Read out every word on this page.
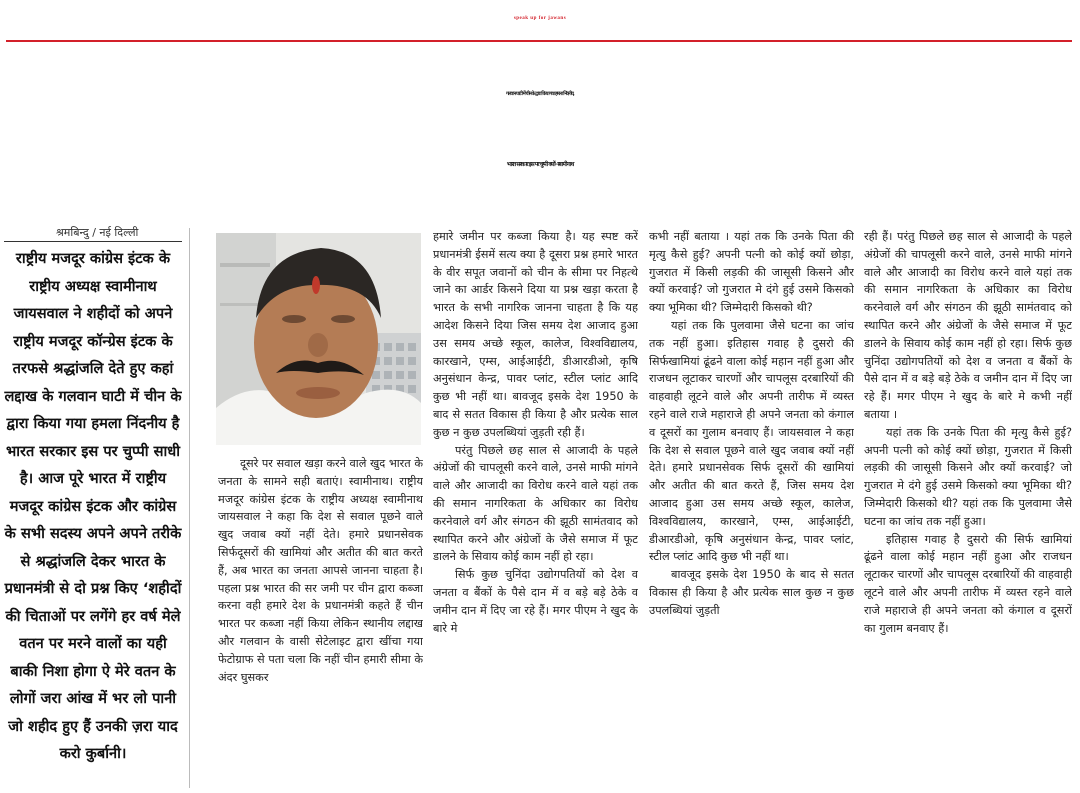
speak up for jawans
गलवान घाटी में चीन के द्वारा किया गया हमला निंदनीय,
भारत सरकार इस पर चुप्पी क्यों- स्वामीनाथ
श्रमबिन्दु / नई दिल्ली

राष्ट्रीय मजदूर कांग्रेस इंटक के राष्ट्रीय अध्यक्ष स्वामीनाथ जायसवाल ने शहीदों को अपने राष्ट्रीय मजदूर कॉन्ग्रेस इंटक के तरफसे श्रद्धांजलि देते हुए कहां लद्दाख के गलवान घाटी में चीन के द्वारा किया गया हमला निंदनीय है भारत सरकार इस पर चुप्पी साधी है। आज पूरे भारत में राष्ट्रीय मजदूर कांग्रेस इंटक और कांग्रेस के सभी सदस्य अपने अपने तरीके से श्रद्धांजलि देकर भारत के प्रधानमंत्री से दो प्रश्न किए ‘शहीदों की चिताओं पर लगेंगे हर वर्ष मेले वतन पर मरने वालों का यही बाकी निशा होगा ऐ मेरे वतन के लोगों जरा आंख में भर लो पानी जो शहीद हुए हैं उनकी ज़रा याद करो कुर्बानी।

दूसरे पर सवाल खड़ा करने वाले खुद भारत के जनता के सामने सही बताएं। स्वामीनाथ। राष्ट्रीय मजदूर कांग्रेस इंटक के राष्ट्रीय अध्यक्ष स्वामीनाथ जायसवाल ने कहा कि देश से सवाल पूछने वाले खुद जवाब क्यों नहीं देते। हमारे प्रधानसेवक सिर्फदूसरों की खामियां और अतीत की बात करते हैं, अब भारत का जनता आपसे जानना चाहता है। पहला प्रश्न भारत की सर जमी पर चीन द्वारा कब्जा करना वही हमारे देश के प्रधानमंत्री कहते हैं चीन भारत पर कब्जा नहीं किया लेकिन स्थानीय लद्दाख और गलवान के वासी सेटेलाइट द्वारा खींचा गया फेटोग्राफ से पता चला कि नहीं चीन हमारी सीमा के अंदर घुसकर

हमारे जमीन पर कब्जा किया है। यह स्पष्ट करें प्रधानमंत्री ईसमें सत्य क्या है दूसरा प्रश्न हमारे भारत के वीर सपूत जवानों को चीन के सीमा पर निहत्थे जाने का आर्डर किसने दिया या प्रश्न खड़ा करता है भारत के सभी नागरिक जानना चाहता है कि यह आदेश किसने दिया जिस समय देश आजाद हुआ उस समय अच्छे स्कूल, कालेज, विश्वविद्यालय, कारखाने, एम्स, आईआईटी, डीआरडीओ, कृषि अनुसंधान केन्द्र, पावर प्लांट, स्टील प्लांट आदि कुछ भी नहीं था। बावजूद इसके देश 1950 के बाद से सतत विकास ही किया है और प्रत्येक साल कुछ न कुछ उपलब्धियां जुड़ती रही हैं।

परंतु पिछले छह साल से आजादी के पहले अंग्रेजों की चापलूसी करने वाले, उनसे माफी मांगने वाले और आजादी का विरोध करने वाले यहां तक की समान नागरिकता के अधिकार का विरोध करनेवाले वर्ग और संगठन की झूठी सामंतवाद को स्थापित करने और अंग्रेजों के जैसे समाज में फूट डालने के सिवाय कोई काम नहीं हो रहा।

सिर्फ कुछ चुनिंदा उद्योगपतियों को देश व जनता व बैंकों के पैसे दान में व बड़े बड़े ठेके व जमीन दान में दिए जा रहे हैं। मगर पीएम ने खुद के बारे मे

कभी नहीं बताया । यहां तक कि उनके पिता की मृत्यु कैसे हुई? अपनी पत्नी को कोई क्यों छोड़ा, गुजरात में किसी लड़की की जासूसी किसने और क्यों करवाई? जो गुजरात मे दंगे हुई उसमे किसको क्या भूमिका थी? जिम्मेदारी किसको थी?

यहां तक कि पुलवामा जैसे घटना का जांच तक नहीं हुआ। इतिहास गवाह है दुसरो की सिर्फखामियां ढूंढने वाला कोई महान नहीं हुआ और राजधन लूटाकर चारणों और चापलूस दरबारियों की वाहवाही लूटने वाले और अपनी तारीफ में व्यस्त रहने वाले राजे महाराजे ही अपने जनता को कंगाल व दूसरों का गुलाम बनवाए हैं। जायसवाल ने कहा कि देश से सवाल पूछने वाले खुद जवाब क्यों नहीं देते। हमारे प्रधानसेवक सिर्फ दूसरों की खामियां और अतीत की बात करते हैं, जिस समय देश आजाद हुआ उस समय अच्छे स्कूल, कालेज, विश्वविद्यालय, कारखाने, एम्स, आईआईटी, डीआरडीओ, कृषि अनुसंधान केन्द्र, पावर प्लांट, स्टील प्लांट आदि कुछ भी नहीं था।

बावजूद इसके देश 1950 के बाद से सतत विकास ही किया है और प्रत्येक साल कुछ न कुछ उपलब्धियां जुड़ती

रही हैं। परंतु पिछले छह साल से आजादी के पहले अंग्रेजों की चापलूसी करने वाले, उनसे माफी मांगने वाले और आजादी का विरोध करने वाले यहां तक की समान नागरिकता के अधिकार का विरोध करनेवाले वर्ग और संगठन की झूठी सामंतवाद को स्थापित करने और अंग्रेजों के जैसे समाज में फूट डालने के सिवाय कोई काम नहीं हो रहा। सिर्फ कुछ चुनिंदा उद्योगपतियों को देश व जनता व बैंकों के पैसे दान में व बड़े बड़े ठेके व जमीन दान में दिए जा रहे हैं। मगर पीएम ने खुद के बारे मे कभी नहीं बताया ।

यहां तक कि उनके पिता की मृत्यु कैसे हुई? अपनी पत्नी को कोई क्यों छोड़ा, गुजरात में किसी लड़की की जासूसी किसने और क्यों करवाई? जो गुजरात मे दंगे हुई उसमे किसको क्या भूमिका थी? जिम्मेदारी किसको थी? यहां तक कि पुलवामा जैसे घटना का जांच तक नहीं हुआ।

इतिहास गवाह है दुसरो की सिर्फ खामियां ढूंढने वाला कोई महान नहीं हुआ और राजधन लूटाकर चारणों और चापलूस दरबारियों की वाहवाही लूटने वाले और अपनी तारीफ में व्यस्त रहने वाले राजे महाराजे ही अपने जनता को कंगाल व दूसरों का गुलाम बनवाए हैं।
